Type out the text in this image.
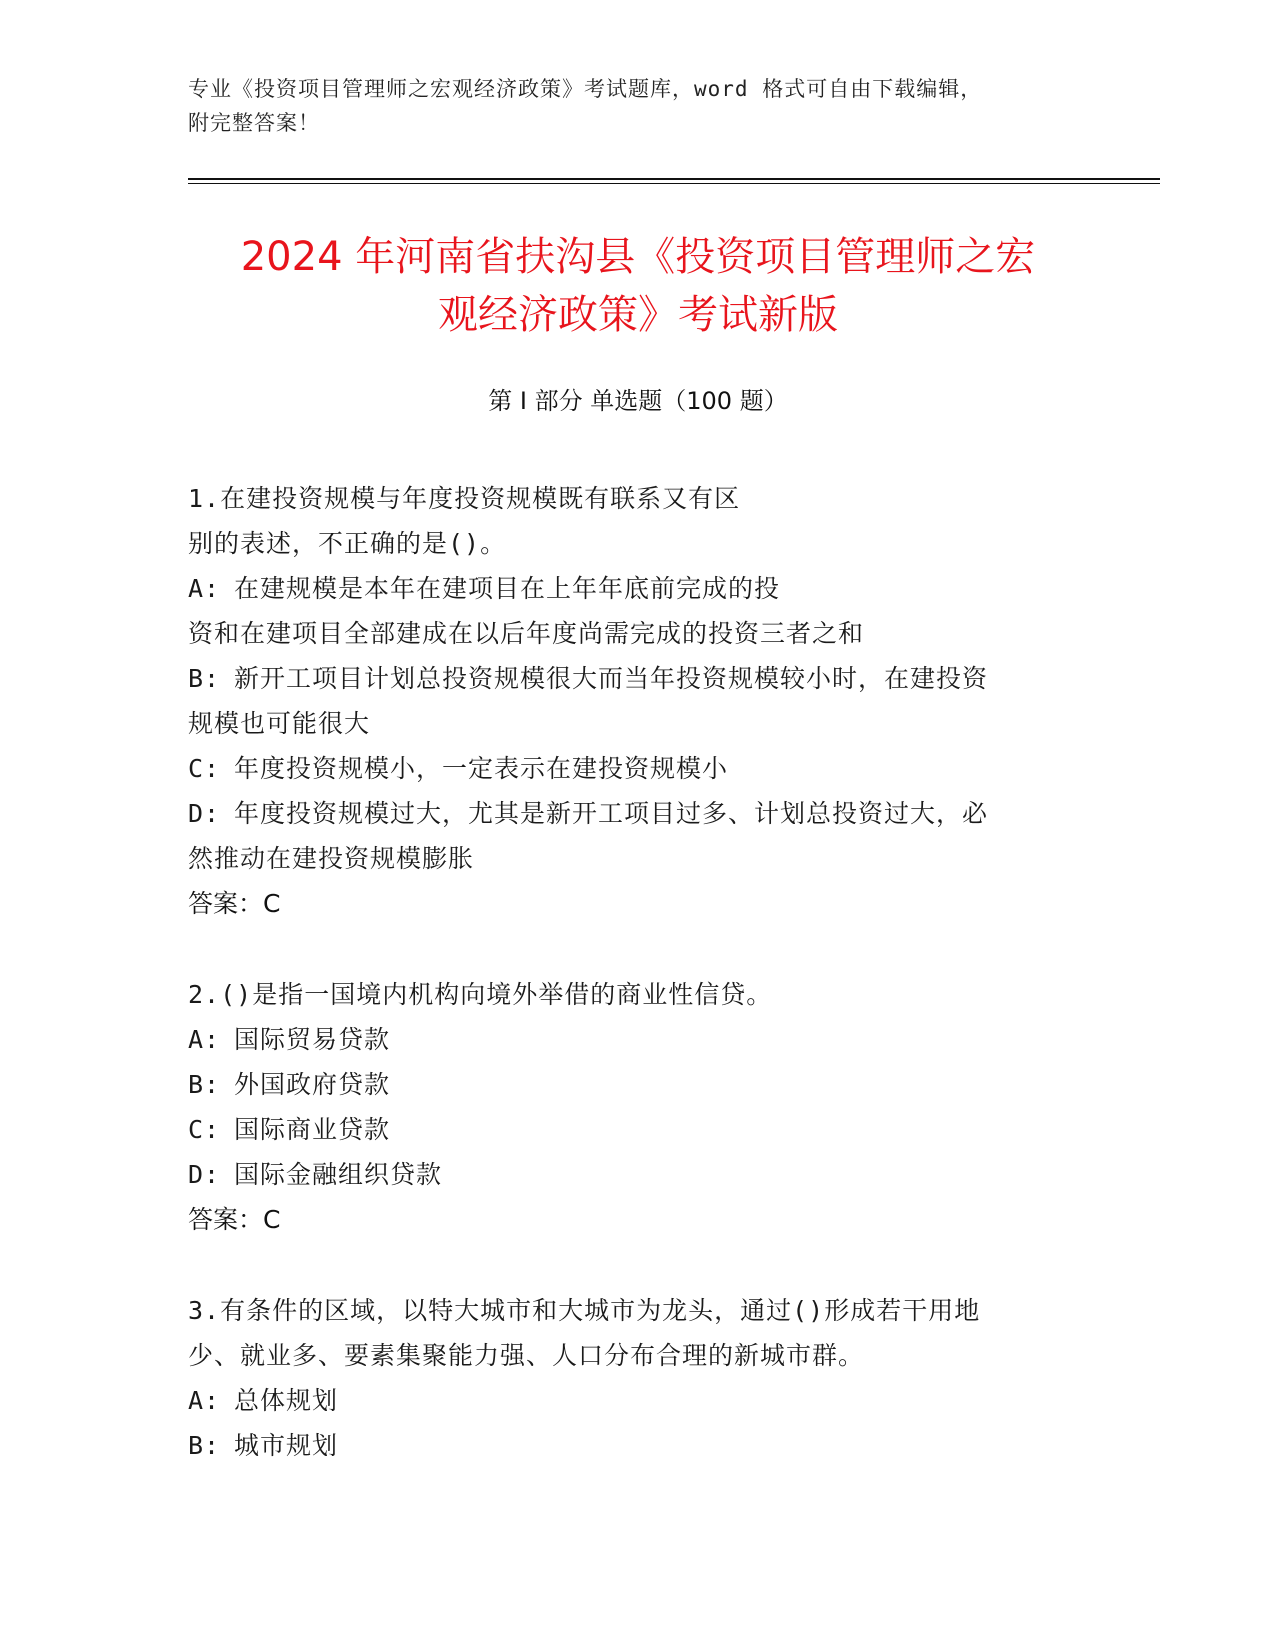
专业《投资项目管理师之宏观经济政策》考试题库，word 格式可自由下载编辑，
附完整答案！
2024 年河南省扶沟县《投资项目管理师之宏
观经济政策》考试新版
第 I 部分 单选题（100 题）
1.在建投资规模与年度投资规模既有联系又有区
别的表述，不正确的是()。
A: 在建规模是本年在建项目在上年年底前完成的投
资和在建项目全部建成在以后年度尚需完成的投资三者之和
B: 新开工项目计划总投资规模很大而当年投资规模较小时，在建投资
规模也可能很大
C: 年度投资规模小，一定表示在建投资规模小
D: 年度投资规模过大，尤其是新开工项目过多、计划总投资过大，必
然推动在建投资规模膨胀
答案：C
2.()是指一国境内机构向境外举借的商业性信贷。
A: 国际贸易贷款
B: 外国政府贷款
C: 国际商业贷款
D: 国际金融组织贷款
答案：C
3.有条件的区域，以特大城市和大城市为龙头，通过()形成若干用地
少、就业多、要素集聚能力强、人口分布合理的新城市群。
A: 总体规划
B: 城市规划
